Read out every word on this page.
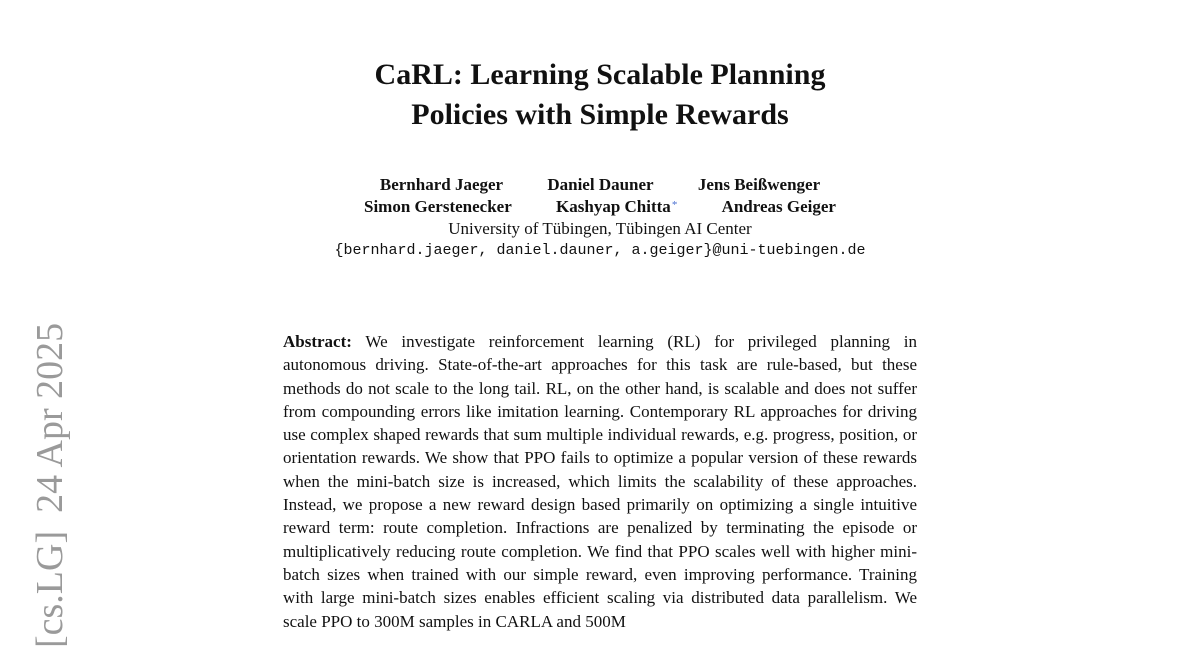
CaRL: Learning Scalable Planning
Policies with Simple Rewards
Bernhard Jaeger	Daniel Dauner	Jens Beißwenger
Simon Gerstenecker	Kashyap Chitta*	Andreas Geiger
University of Tübingen, Tübingen AI Center
{bernhard.jaeger, daniel.dauner, a.geiger}@uni-tuebingen.de
[cs.LG]24 Apr 2025	Abstract: We investigate reinforcement learning (RL) for privileged planning in autonomous driving. State-of-the-art approaches for this task are rule-based, but these methods do not scale to the long tail. RL, on the other hand, is scalable and does not suffer from compounding errors like imitation learning. Contemporary RL approaches for driving use complex shaped rewards that sum multiple individual rewards, e.g. progress, position, or orientation rewards. We show that PPO fails to optimize a popular version of these rewards when the mini-batch size is increased, which limits the scalability of these approaches. Instead, we propose a new reward design based primarily on optimizing a single intuitive reward term: route completion. Infractions are penalized by terminating the episode or multiplicatively reducing route completion. We find that PPO scales well with higher mini-batch sizes when trained with our simple reward, even improving performance. Training with large mini-batch sizes enables efficient scaling via distributed data parallelism. We scale PPO to 300M samples in CARLA and 500M
